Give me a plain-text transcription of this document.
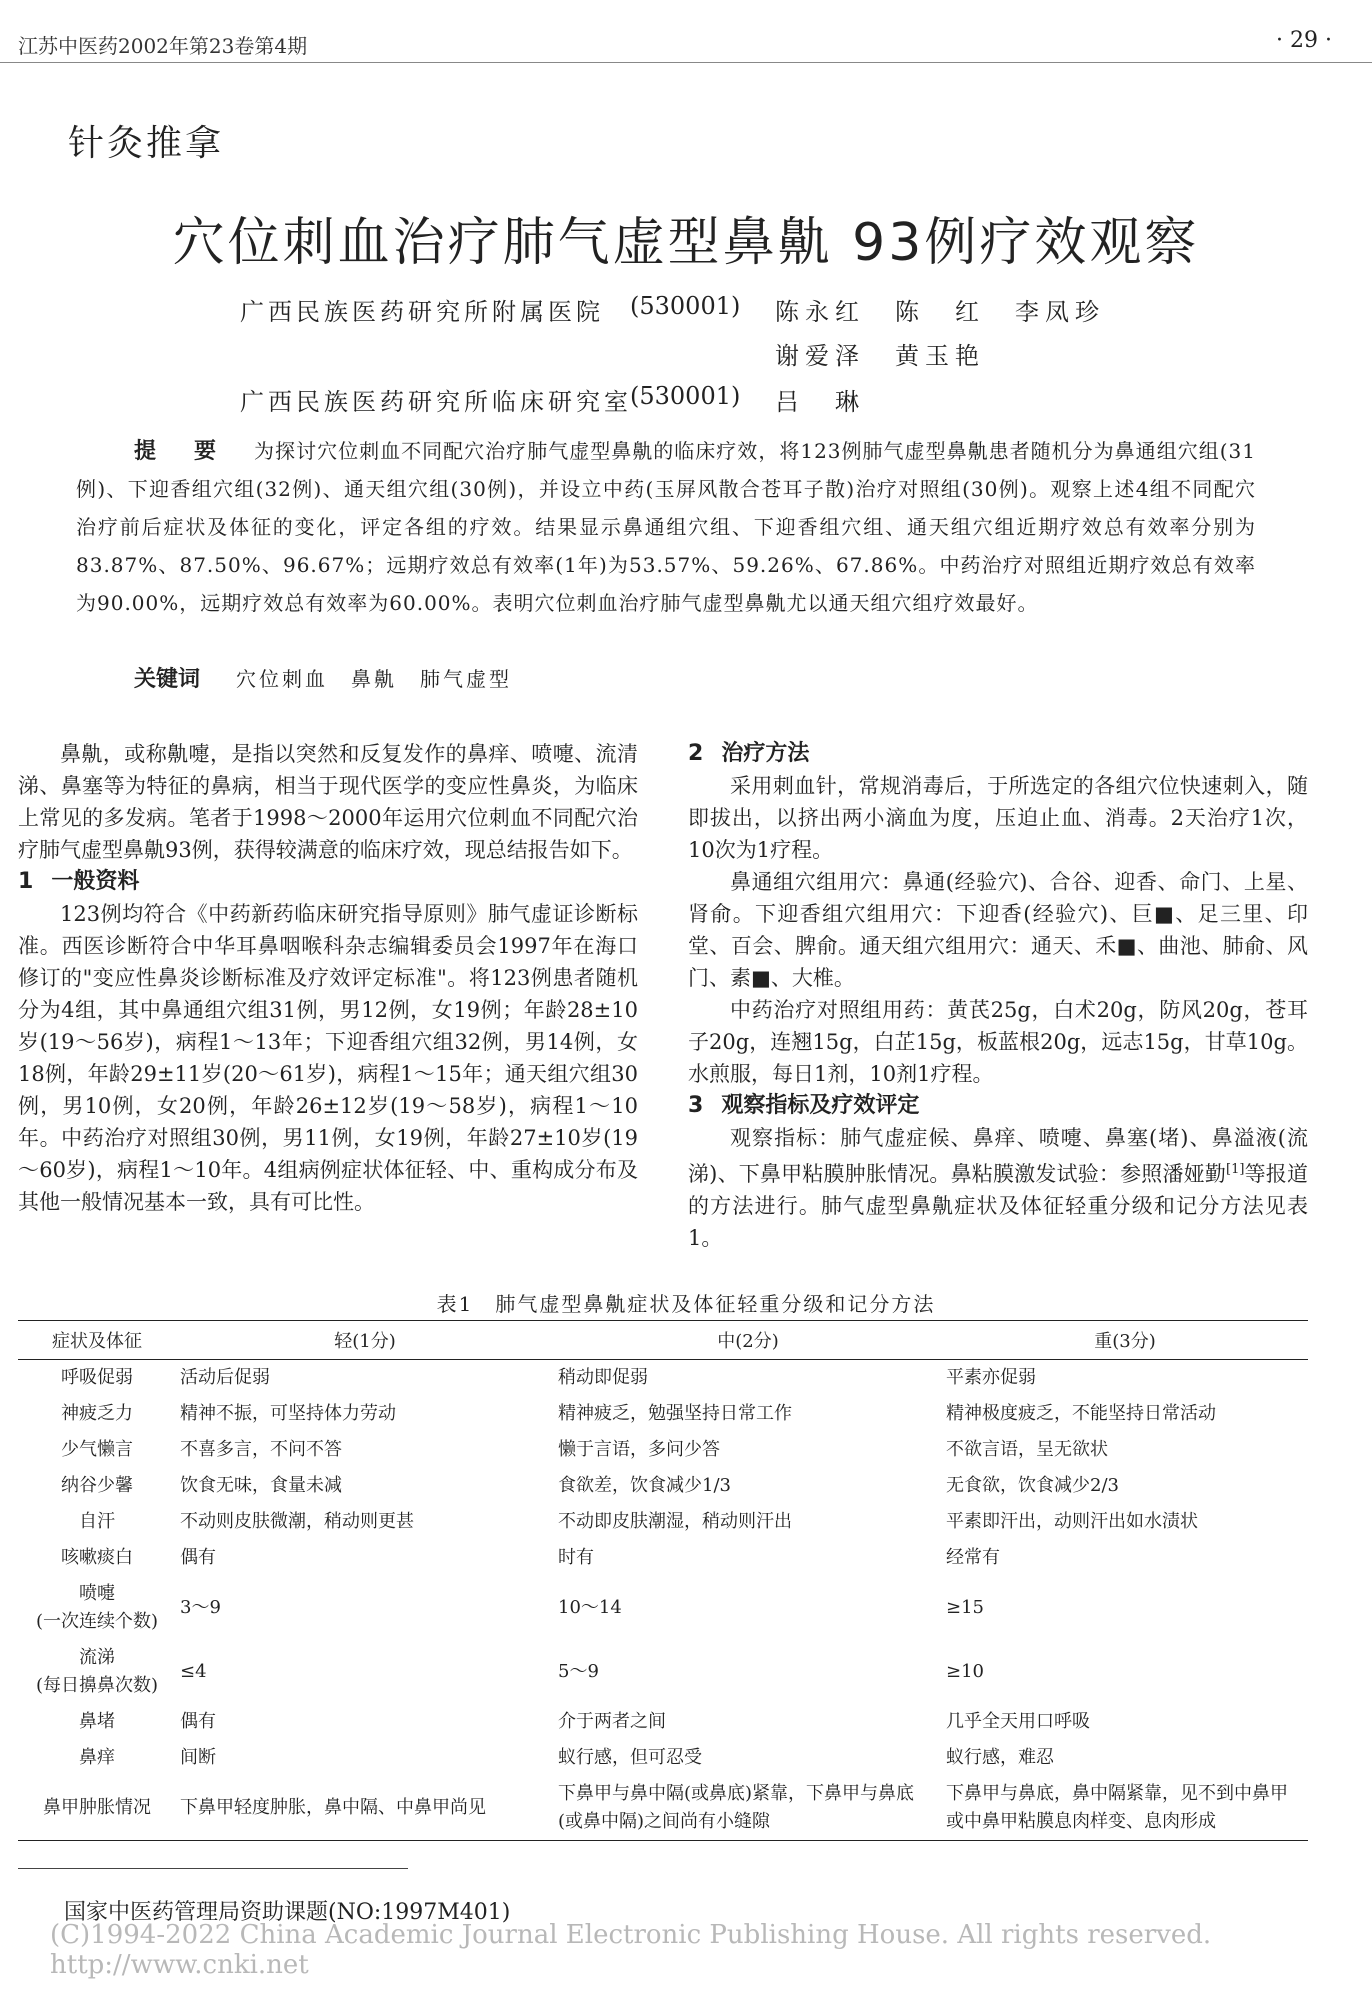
江苏中医药2002年第23卷第4期	· 29 ·
针灸推拿
穴位刺血治疗肺气虚型鼻鼽 93例疗效观察
广西民族医药研究所附属医院 (530001) 陈永红　陈　红　李凤珍
谢爱泽　黄玉艳
广西民族医药研究所临床研究室
(530001) 吕　琳
提　要 为探讨穴位刺血不同配穴治疗肺气虚型鼻鼽的临床疗效，将123例肺气虚型鼻鼽患者随机分为鼻通组穴组(31例)、下迎香组穴组(32例)、通天组穴组(30例)，并设立中药(玉屏风散合苍耳子散)治疗对照组(30例)。观察上述4组不同配穴治疗前后症状及体征的变化，评定各组的疗效。结果显示鼻通组穴组、下迎香组穴组、通天组穴组近期疗效总有效率分别为83.87%、87.50%、96.67%；远期疗效总有效率(1年)为53.57%、59.26%、67.86%。中药治疗对照组近期疗效总有效率为90.00%，远期疗效总有效率为60.00%。表明穴位刺血治疗肺气虚型鼻鼽尤以通天组穴组疗效最好。
关键词 穴位刺血　鼻鼽　肺气虚型

鼻鼽，或称鼽嚏，是指以突然和反复发作的鼻痒、喷嚏、流清涕、鼻塞等为特征的鼻病，相当于现代医学的变应性鼻炎，为临床上常见的多发病。笔者于1998～2000年运用穴位刺血不同配穴治疗肺气虚型鼻鼽93例，获得较满意的临床疗效，现总结报告如下。

1 一般资料

123例均符合《中药新药临床研究指导原则》肺气虚证诊断标准。西医诊断符合中华耳鼻咽喉科杂志编辑委员会1997年在海口修订的"变应性鼻炎诊断标准及疗效评定标准"。将123例患者随机分为4组，其中鼻通组穴组31例，男12例，女19例；年龄28±10岁(19～56岁)，病程1～13年；下迎香组穴组32例，男14例，女18例，年龄29±11岁(20～61岁)，病程1～15年；通天组穴组30例，男10例，女20例，年龄26±12岁(19～58岁)，病程1～10年。中药治疗对照组30例，男11例，女19例，年龄27±10岁(19～60岁)，病程1～10年。4组病例症状体征轻、中、重构成分布及其他一般情况基本一致，具有可比性。

2 治疗方法

采用刺血针，常规消毒后，于所选定的各组穴位快速刺入，随即拔出，以挤出两小滴血为度，压迫止血、消毒。2天治疗1次，10次为1疗程。

鼻通组穴组用穴：鼻通(经验穴)、合谷、迎香、命门、上星、肾俞。下迎香组穴组用穴：下迎香(经验穴)、巨■、足三里、印堂、百会、脾俞。通天组穴组用穴：通天、禾■、曲池、肺俞、风门、素■、大椎。

中药治疗对照组用药：黄芪25g，白术20g，防风20g，苍耳子20g，连翘15g，白芷15g，板蓝根20g，远志15g，甘草10g。水煎服，每日1剂，10剂1疗程。

3 观察指标及疗效评定

观察指标：肺气虚症候、鼻痒、喷嚏、鼻塞(堵)、鼻溢液(流涕)、下鼻甲粘膜肿胀情况。鼻粘膜激发试验：参照潘娅勤[1]等报道的方法进行。肺气虚型鼻鼽症状及体征轻重分级和记分方法见表1。

表1　肺气虚型鼻鼽症状及体征轻重分级和记分方法
症状及体征	轻(1分)	中(2分)	重(3分)
呼吸促弱	活动后促弱	稍动即促弱	平素亦促弱
神疲乏力	精神不振，可坚持体力劳动	精神疲乏，勉强坚持日常工作	精神极度疲乏，不能坚持日常活动
少气懒言	不喜多言，不问不答	懒于言语，多问少答	不欲言语，呈无欲状
纳谷少馨	饮食无味，食量未减	食欲差，饮食减少1/3	无食欲，饮食减少2/3
自汗	不动则皮肤微潮，稍动则更甚	不动即皮肤潮湿，稍动则汗出	平素即汗出，动则汗出如水渍状
咳嗽痰白	偶有	时有	经常有
喷嚏
(一次连续个数)	3～9	10～14	≥15
流涕
(每日擤鼻次数)	≤4	5～9	≥10
鼻堵	偶有	介于两者之间	几乎全天用口呼吸
鼻痒	间断	蚁行感，但可忍受	蚁行感，难忍
鼻甲肿胀情况	下鼻甲轻度肿胀，鼻中隔、中鼻甲尚见	下鼻甲与鼻中隔(或鼻底)紧靠，下鼻甲与鼻底(或鼻中隔)之间尚有小缝隙	下鼻甲与鼻底，鼻中隔紧靠，见不到中鼻甲或中鼻甲粘膜息肉样变、息肉形成
国家中医药管理局资助课题(NO:1997M401)
(C)1994-2022 China Academic Journal Electronic Publishing House. All rights reserved. http://www.cnki.net
